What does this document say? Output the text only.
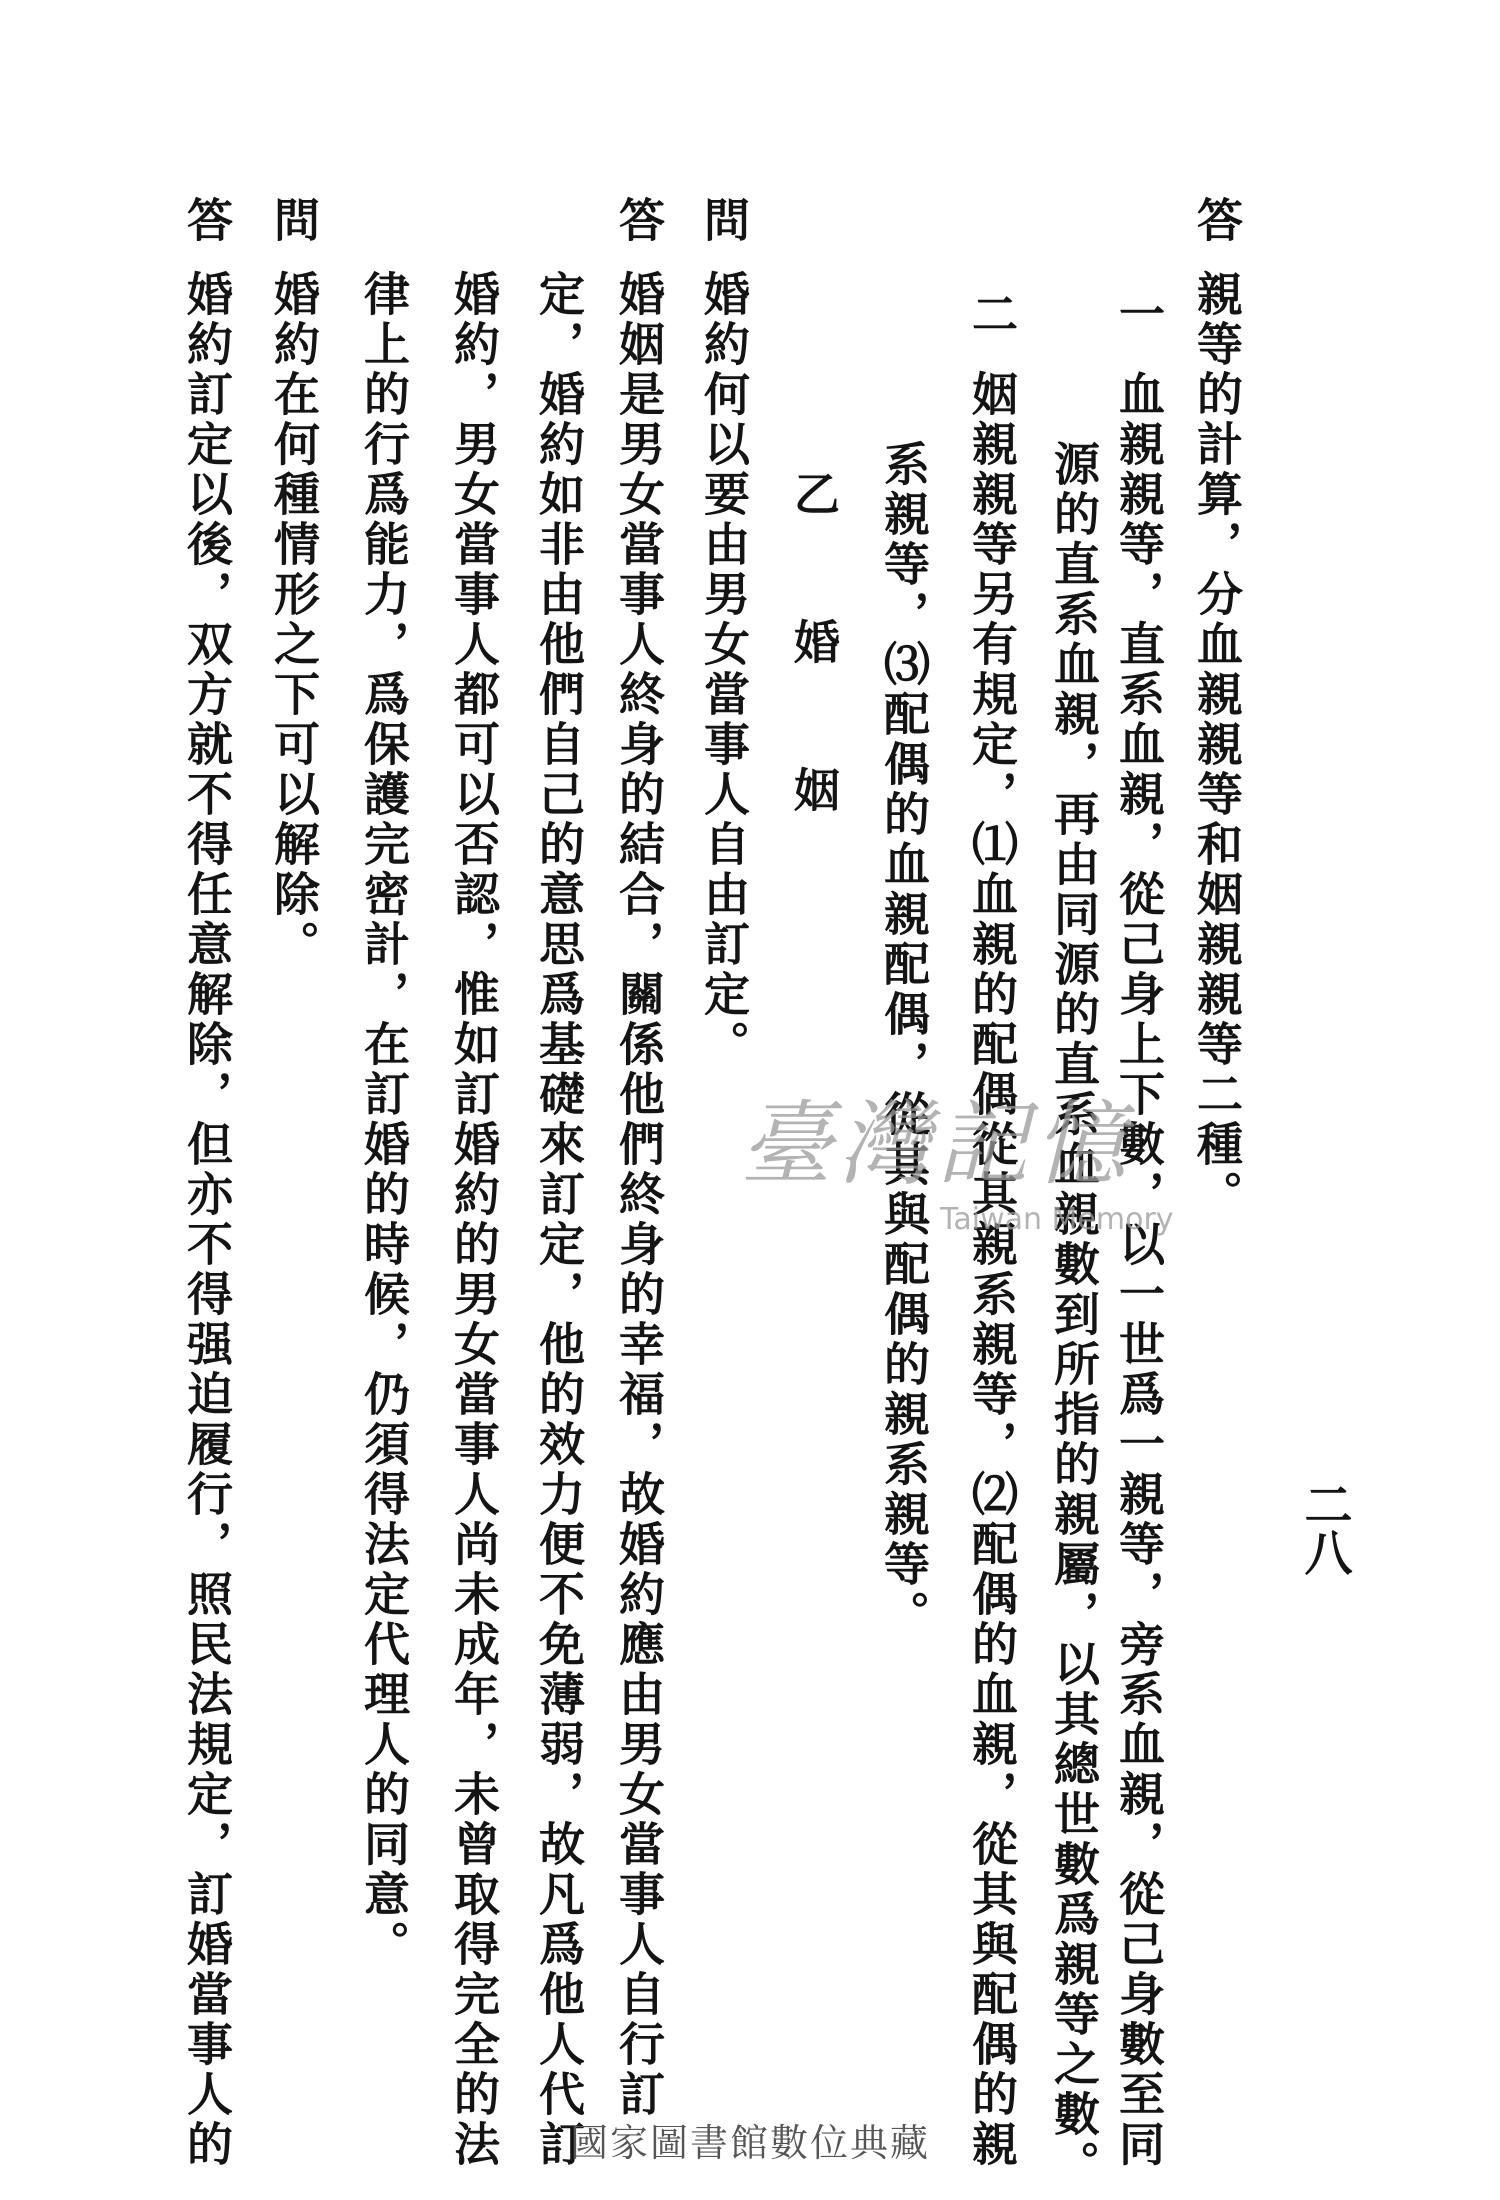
二八
答
親等的計算，分血親親等和姻親親等二種。
一
血親親等，直系血親，從己身上下數，以一世爲一親等，旁系血親，從己身數至同
源的直系血親，再由同源的直系血親數到所指的親屬，以其總世數爲親等之數。
二
姻親親等另有規定，⑴血親的配偶從其親系親等，⑵配偶的血親，從其與配偶的親
系親等，⑶配偶的血親配偶，從其與配偶的親系親等。
乙 婚 姻
問
婚約何以要由男女當事人自由訂定。
答
婚姻是男女當事人終身的結合，關係他們終身的幸福，故婚約應由男女當事人自行訂
定，婚約如非由他們自己的意思爲基礎來訂定，他的效力便不免薄弱，故凡爲他人代訂
婚約，男女當事人都可以否認，惟如訂婚約的男女當事人尚未成年，未曾取得完全的法
律上的行爲能力，爲保護完密計，在訂婚的時候，仍須得法定代理人的同意。
問
婚約在何種情形之下可以解除。
答
婚約訂定以後，双方就不得任意解除，但亦不得强迫履行，照民法規定，訂婚當事人的	臺灣記憶
Taiwan Memory
國家圖書館數位典藏
